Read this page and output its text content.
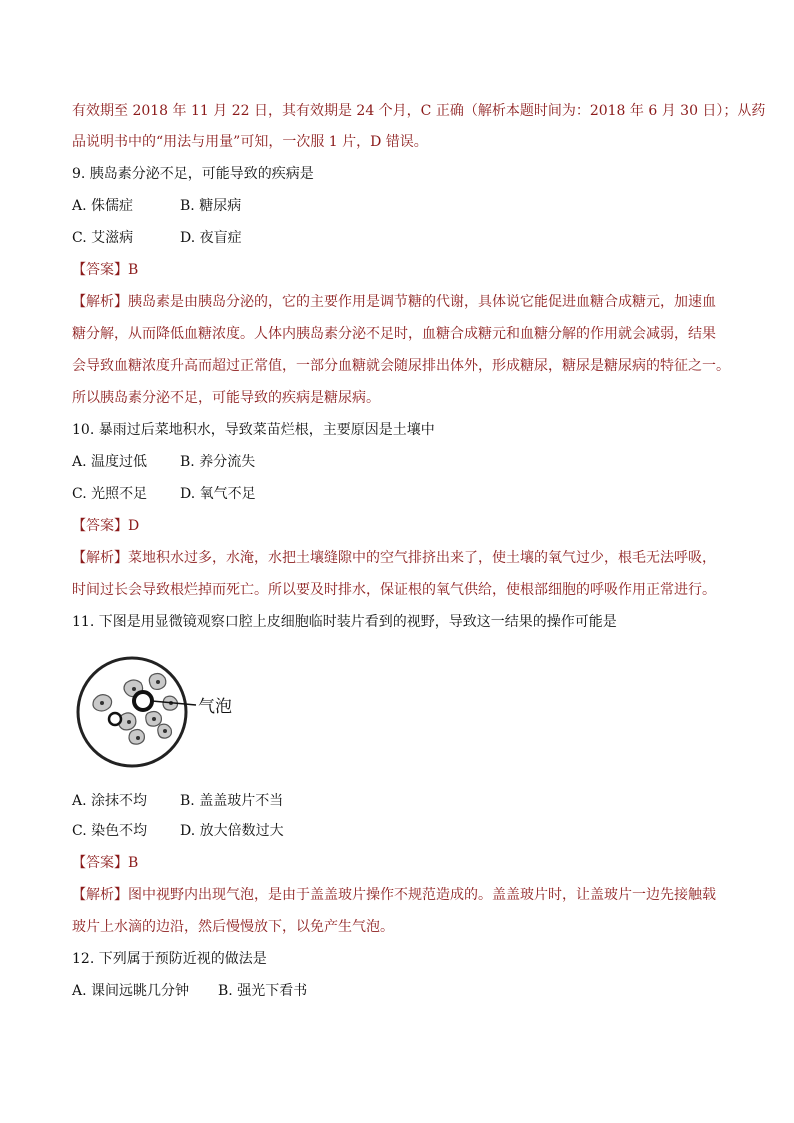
有效期至 2018 年 11 月 22 日，其有效期是 24 个月，C 正确（解析本题时间为：2018 年 6 月 30 日）；从药
品说明书中的“用法与用量”可知，一次服 1 片，D 错误。
9. 胰岛素分泌不足，可能导致的疾病是
A. 侏儒症	B. 糖尿病
C. 艾滋病	D. 夜盲症
【答案】B
【解析】胰岛素是由胰岛分泌的，它的主要作用是调节糖的代谢，具体说它能促进血糖合成糖元，加速血
糖分解，从而降低血糖浓度。人体内胰岛素分泌不足时，血糖合成糖元和血糖分解的作用就会减弱，结果
会导致血糖浓度升高而超过正常值，一部分血糖就会随尿排出体外，形成糖尿，糖尿是糖尿病的特征之一。
所以胰岛素分泌不足，可能导致的疾病是糖尿病。
10. 暴雨过后菜地积水，导致菜苗烂根，主要原因是土壤中
A. 温度过低 B. 养分流失
C. 光照不足 D. 氧气不足
【答案】D
【解析】菜地积水过多，水淹，水把土壤缝隙中的空气排挤出来了，使土壤的氧气过少，根毛无法呼吸，
时间过长会导致根烂掉而死亡。所以要及时排水，保证根的氧气供给，使根部细胞的呼吸作用正常进行。
11. 下图是用显微镜观察口腔上皮细胞临时装片看到的视野，导致这一结果的操作可能是
气泡
A. 涂抹不均 B. 盖盖玻片不当
C. 染色不均 D. 放大倍数过大
【答案】B
【解析】图中视野内出现气泡，是由于盖盖玻片操作不规范造成的。盖盖玻片时，让盖玻片一边先接触载
玻片上水滴的边沿，然后慢慢放下，以免产生气泡。
12. 下列属于预防近视的做法是
A. 课间远眺几分钟 B. 强光下看书
